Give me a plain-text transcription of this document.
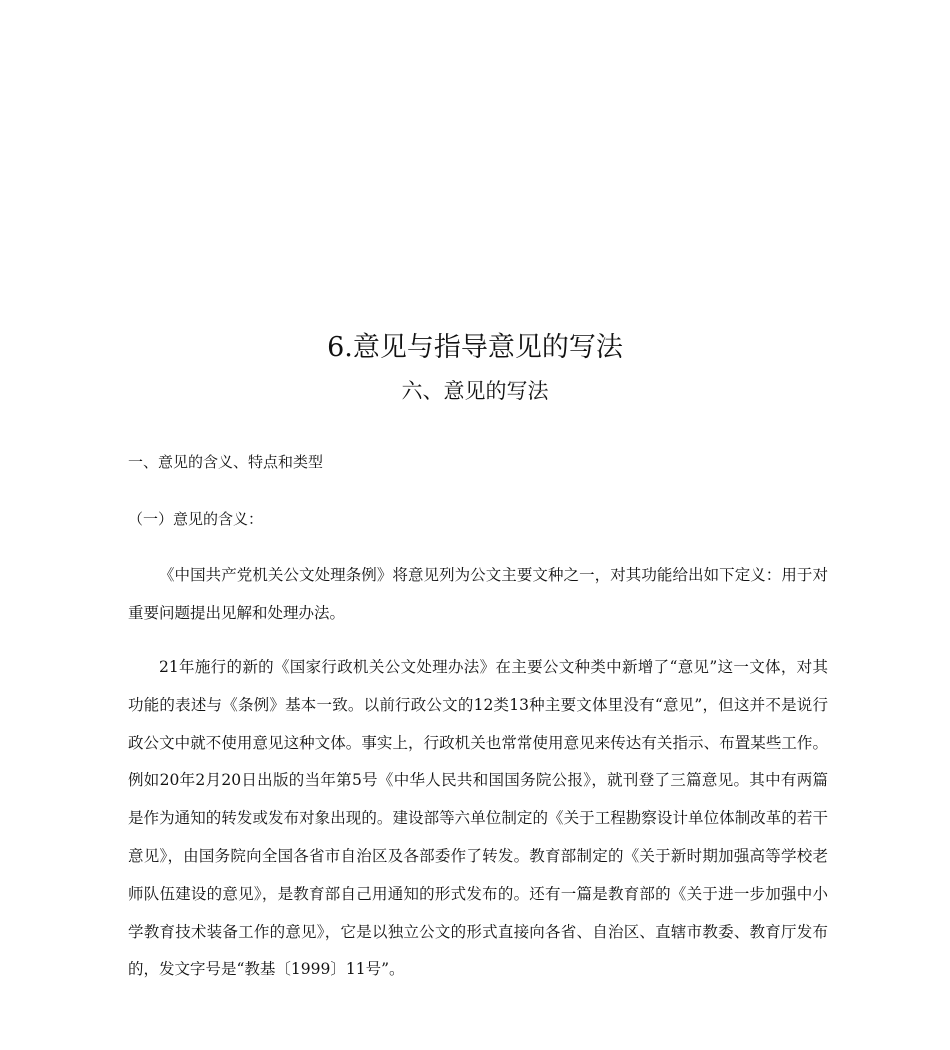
6.意见与指导意见的写法
六、意见的写法

一、意见的含义、特点和类型

（一）意见的含义：

《中国共产党机关公文处理条例》将意见列为公文主要文种之一，对其功能给出如下定义：用于对重要问题提出见解和处理办法。

21年施行的新的《国家行政机关公文处理办法》在主要公文种类中新增了“意见”这一文体，对其功能的表述与《条例》基本一致。以前行政公文的12类13种主要文体里没有“意见”，但这并不是说行政公文中就不使用意见这种文体。事实上，行政机关也常常使用意见来传达有关指示、布置某些工作。例如20年2月20日出版的当年第5号《中华人民共和国国务院公报》，就刊登了三篇意见。其中有两篇是作为通知的转发或发布对象出现的。建设部等六单位制定的《关于工程勘察设计单位体制改革的若干意见》，由国务院向全国各省市自治区及各部委作了转发。教育部制定的《关于新时期加强高等学校老师队伍建设的意见》，是教育部自己用通知的形式发布的。还有一篇是教育部的《关于进一步加强中小学教育技术装备工作的意见》，它是以独立公文的形式直接向各省、自治区、直辖市教委、教育厅发布的，发文字号是“教基〔1999〕11号”。
